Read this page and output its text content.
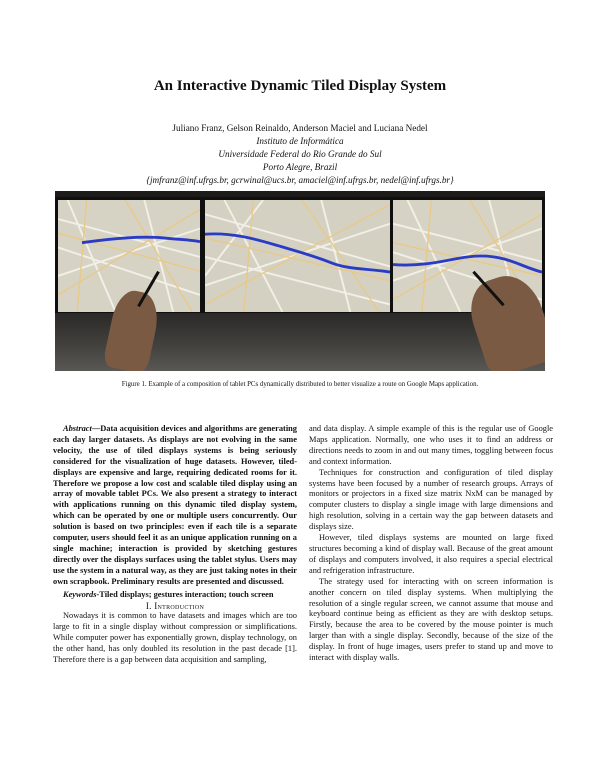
An Interactive Dynamic Tiled Display System
Juliano Franz, Gelson Reinaldo, Anderson Maciel and Luciana Nedel
Instituto de Informática
Universidade Federal do Rio Grande do Sul
Porto Alegre, Brazil
{jmfranz@inf.ufrgs.br, gcrwinal@ucs.br, amaciel@inf.ufrgs.br, nedel@inf.ufrgs.br}
Figure 1. Example of a composition of tablet PCs dynamically distributed to better visualize a route on Google Maps application.

Abstract—Data acquisition devices and algorithms are generating each day larger datasets. As displays are not evolving in the same velocity, the use of tiled displays systems is being seriously considered for the visualization of huge datasets. However, tiled-displays are expensive and large, requiring dedicated rooms for it. Therefore we propose a low cost and scalable tiled display using an array of movable tablet PCs. We also present a strategy to interact with applications running on this dynamic tiled display system, which can be operated by one or multiple users concurrently. Our solution is based on two principles: even if each tile is a separate computer, users should feel it as an unique application running on a single machine; interaction is provided by sketching gestures directly over the displays surfaces using the tablet stylus. Users may use the system in a natural way, as they are just taking notes in their own scrapbook. Preliminary results are presented and discussed.

Keywords-Tiled displays; gestures interaction; touch screen

I. Introduction

Nowadays it is common to have datasets and images which are too large to fit in a single display without compression or simplifications. While computer power has exponentially grown, display technology, on the other hand, has only doubled its resolution in the past decade [1]. Therefore there is a gap between data acquisition and sampling,

and data display. A simple example of this is the regular use of Google Maps application. Normally, one who uses it to find an address or directions needs to zoom in and out many times, toggling between focus and context information.

Techniques for construction and configuration of tiled display systems have been focused by a number of research groups. Arrays of monitors or projectors in a fixed size matrix NxM can be managed by computer clusters to display a single image with large dimensions and high resolution, solving in a certain way the gap between datasets and displays size.

However, tiled displays systems are mounted on large fixed structures becoming a kind of display wall. Because of the great amount of displays and computers involved, it also requires a special electrical and refrigeration infrastructure.

The strategy used for interacting with on screen information is another concern on tiled display systems. When multiplying the resolution of a single regular screen, we cannot assume that mouse and keyboard continue being as efficient as they are with desktop setups. Firstly, because the area to be covered by the mouse pointer is much larger than with a single display. Secondly, because of the size of the display. In front of huge images, users prefer to stand up and move to interact with display walls.
